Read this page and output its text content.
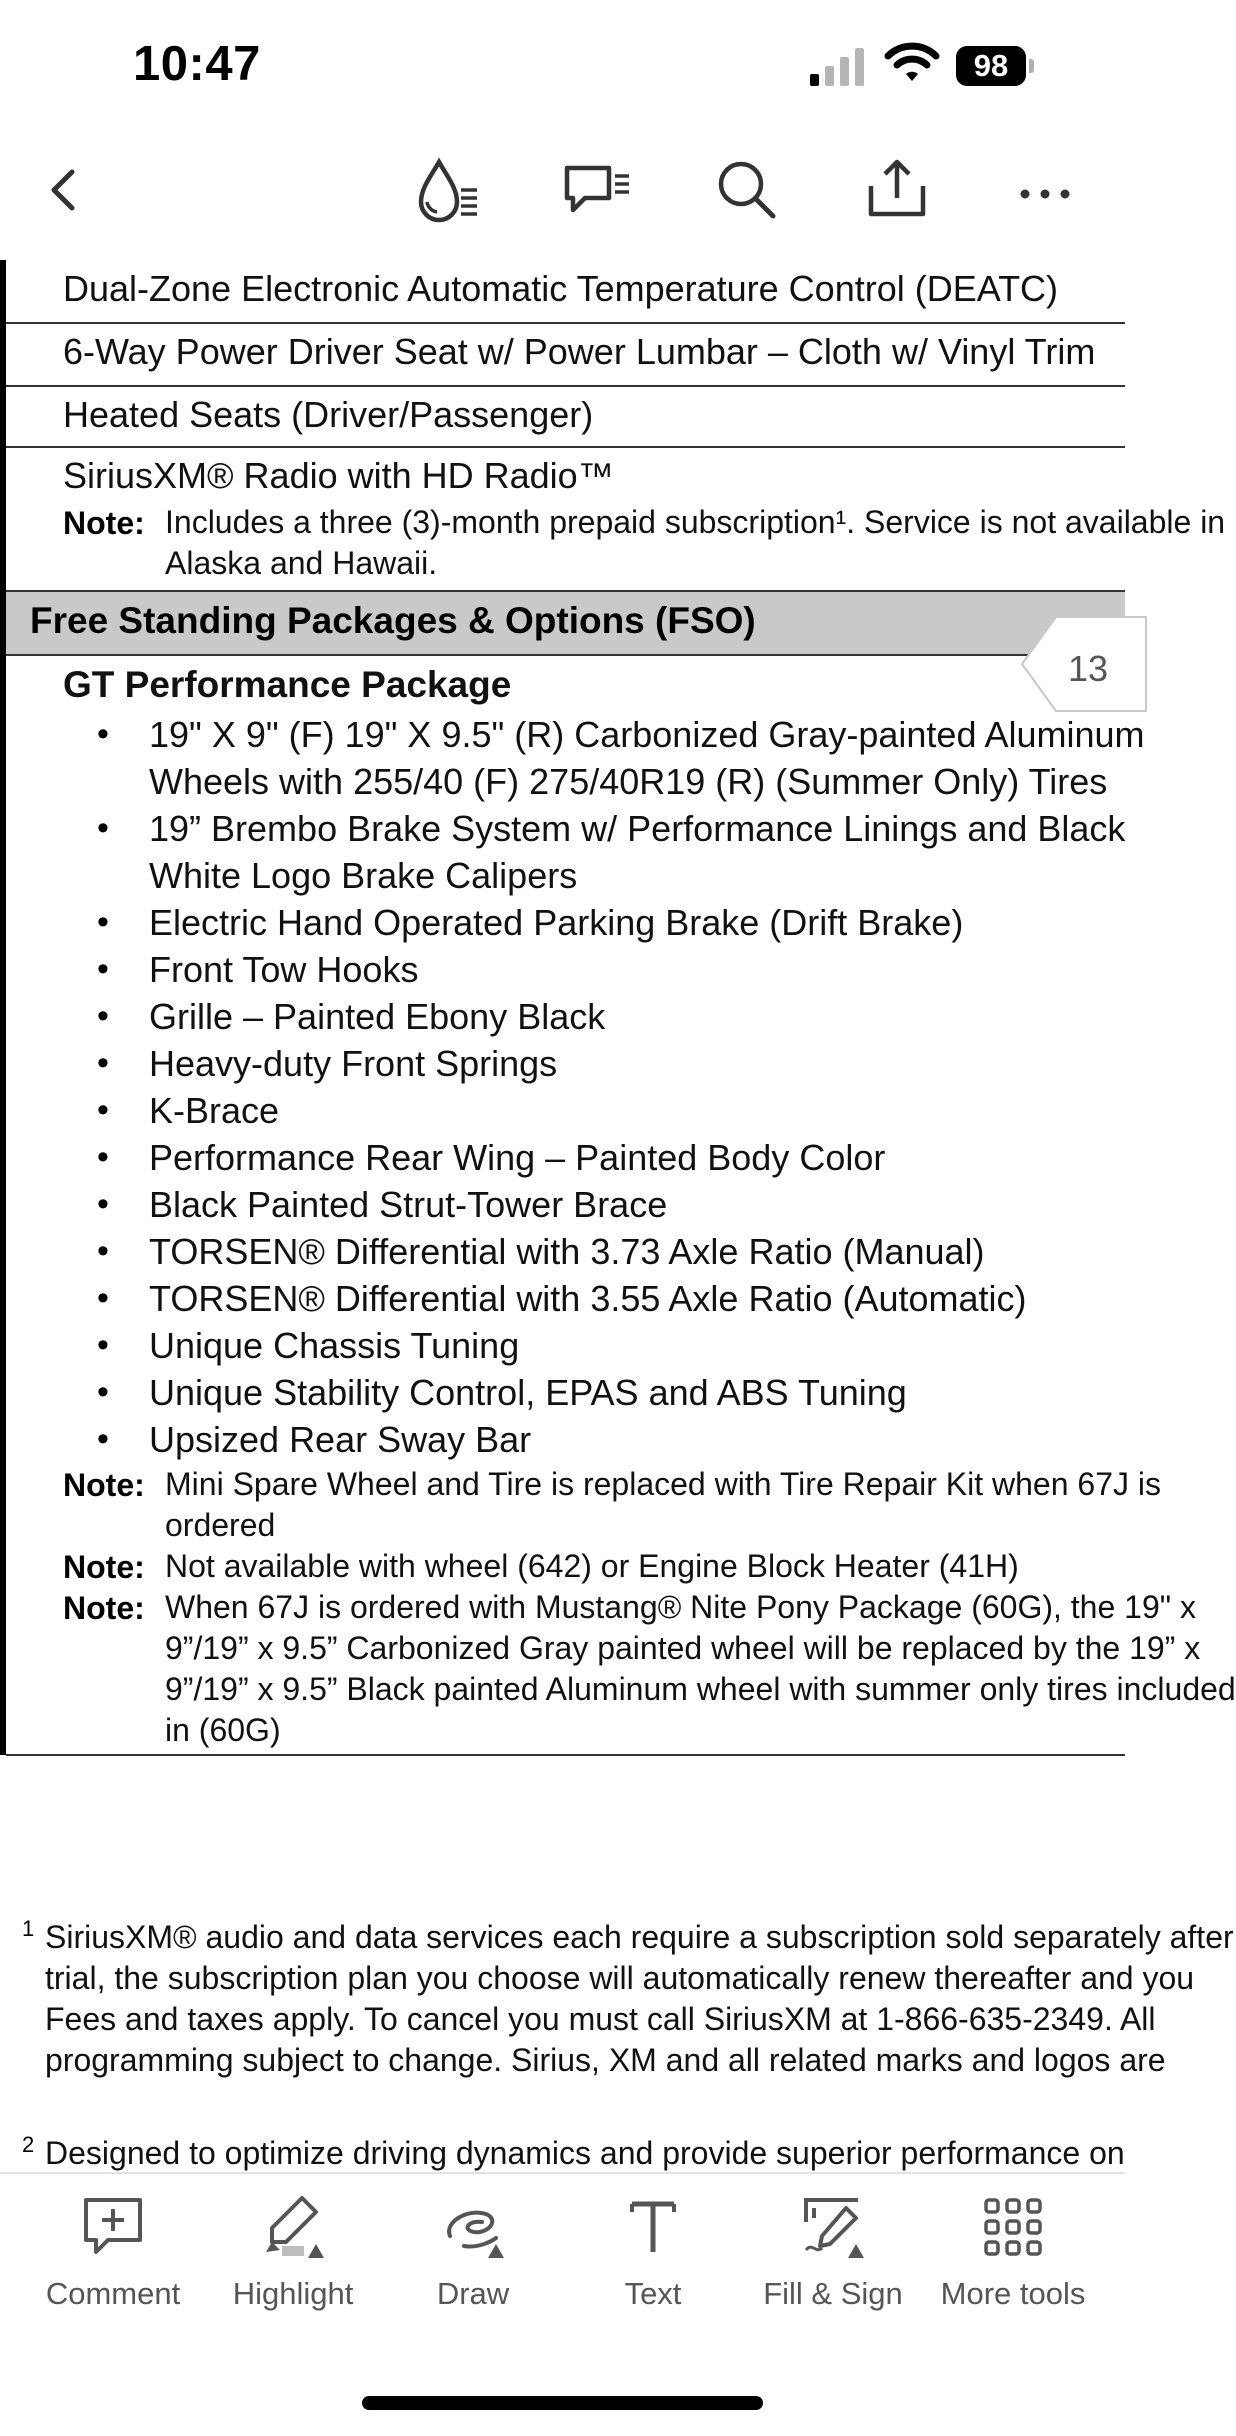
10:47	98
Dual-Zone Electronic Automatic Temperature Control (DEATC)
6-Way Power Driver Seat w/ Power Lumbar – Cloth w/ Vinyl Trim
Heated Seats (Driver/Passenger)
SiriusXM® Radio with HD Radio™
Note: Includes a three (3)-month prepaid subscription¹. Service is not available in
Alaska and Hawaii.
Free Standing Packages & Options (FSO)
GT Performance Package
• 19" X 9" (F) 19" X 9.5" (R) Carbonized Gray-painted Aluminum
Wheels with 255/40 (F) 275/40R19 (R) (Summer Only) Tires
• 19” Brembo Brake System w/ Performance Linings and Black
White Logo Brake Calipers
• Electric Hand Operated Parking Brake (Drift Brake)
• Front Tow Hooks
• Grille – Painted Ebony Black
• Heavy-duty Front Springs
• K-Brace
• Performance Rear Wing – Painted Body Color
• Black Painted Strut-Tower Brace
• TORSEN® Differential with 3.73 Axle Ratio (Manual)
• TORSEN® Differential with 3.55 Axle Ratio (Automatic)
• Unique Chassis Tuning
• Unique Stability Control, EPAS and ABS Tuning
• Upsized Rear Sway Bar
Note: Mini Spare Wheel and Tire is replaced with Tire Repair Kit when 67J is
ordered
Note: Not available with wheel (642) or Engine Block Heater (41H)
Note: When 67J is ordered with Mustang® Nite Pony Package (60G), the 19" x
9”/19” x 9.5” Carbonized Gray painted wheel will be replaced by the 19” x
9”/19” x 9.5” Black painted Aluminum wheel with summer only tires included
in (60G)
1 SiriusXM® audio and data services each require a subscription sold separately after
trial, the subscription plan you choose will automatically renew thereafter and you
Fees and taxes apply. To cancel you must call SiriusXM at 1-866-635-2349. All
programming subject to change. Sirius, XM and all related marks and logos are
2 Designed to optimize driving dynamics and provide superior performance on
13
Comment	Highlight	Draw	Text	Fill & Sign	More tools
